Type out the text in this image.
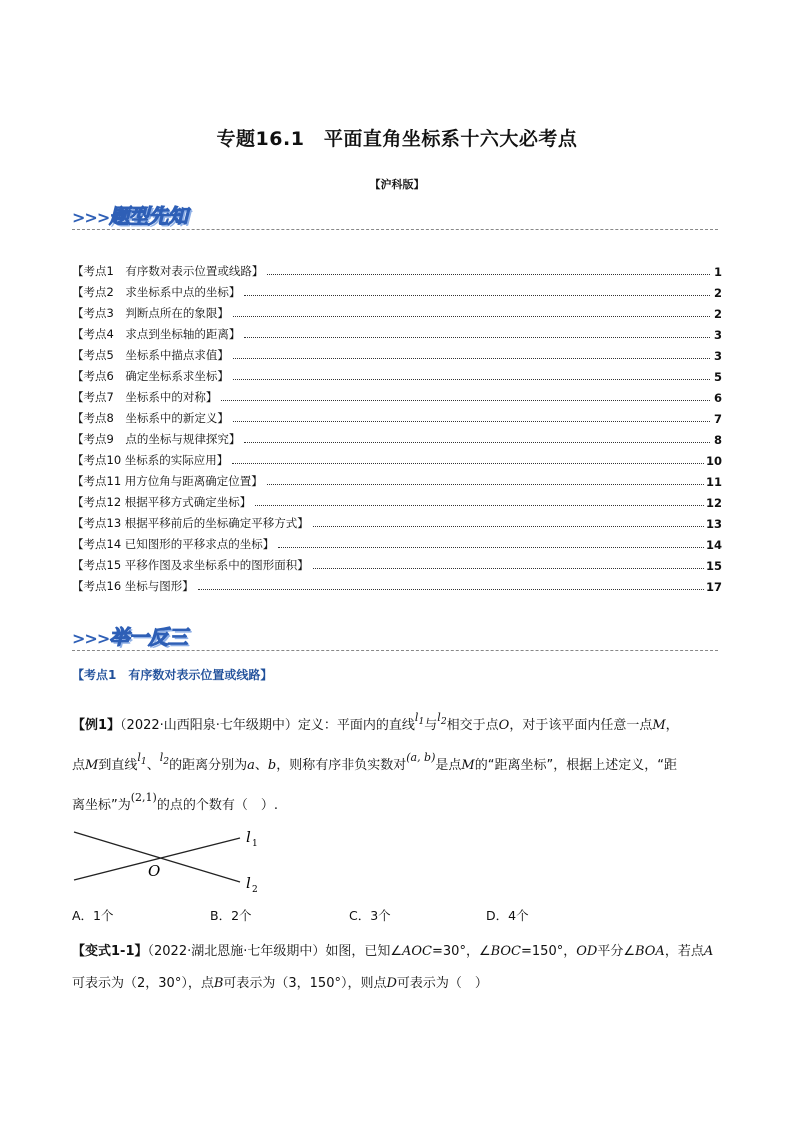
专题16.1　平面直角坐标系十六大必考点
【沪科版】
>>>题型先知
【考点1　有序数对表示位置或线路】	1
【考点2　求坐标系中点的坐标】	2
【考点3　判断点所在的象限】	2
【考点4　求点到坐标轴的距离】	3
【考点5　坐标系中描点求值】	3
【考点6　确定坐标系求坐标】	5
【考点7　坐标系中的对称】	6
【考点8　坐标系中的新定义】	7
【考点9　点的坐标与规律探究】	8
【考点10 坐标系的实际应用】	10
【考点11 用方位角与距离确定位置】	11
【考点12 根据平移方式确定坐标】	12
【考点13 根据平移前后的坐标确定平移方式】	13
【考点14 已知图形的平移求点的坐标】	14
【考点15 平移作图及求坐标系中的图形面积】	15
【考点16 坐标与图形】	17
>>>举一反三
【考点1　有序数对表示位置或线路】
【例1】（2022·山西阳泉·七年级期中）定义：平面内的直线$^{l_1}$与$^{l_2}$相交于点O，对于该平面内任意一点M，
点M到直线$^{l_1}$、$^{l_2}$的距离分别为a、b，则称有序非负实数对$^{(a, b)}$是点M的“距离坐标”，根据上述定义，“距
离坐标”为$^{(2,1)}$的点的个数有（　）.
O
l 1
l 2
A．1个	B．2个	C．3个	D．4个
【变式1-1】（2022·湖北恩施·七年级期中）如图，已知∠AOC=30°，∠BOC=150°，OD平分∠BOA，若点A
可表示为（2，30°），点B可表示为（3，150°），则点D可表示为（　）
